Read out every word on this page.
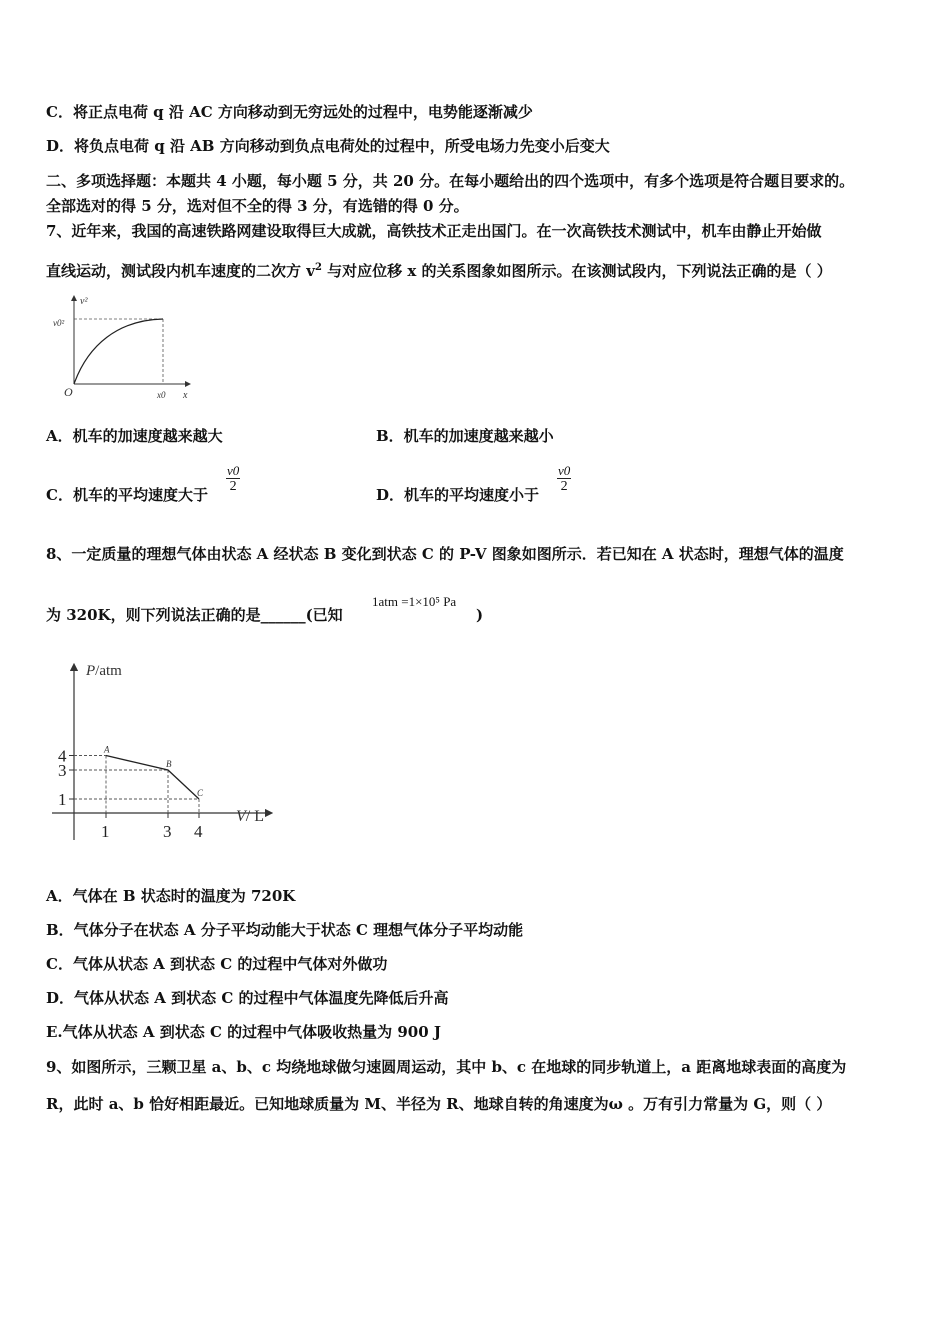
C．将正点电荷 q 沿 AC 方向移动到无穷远处的过程中，电势能逐渐减少
D．将负点电荷 q 沿 AB 方向移动到负点电荷处的过程中，所受电场力先变小后变大
二、多项选择题：本题共 4 小题，每小题 5 分，共 20 分。在每小题给出的四个选项中，有多个选项是符合题目要求的。
全部选对的得 5 分，选对但不全的得 3 分，有选错的得 0 分。
7、近年来，我国的高速铁路网建设取得巨大成就，高铁技术正走出国门。在一次高铁技术测试中，机车由静止开始做
直线运动，测试段内机车速度的二次方 $v^2$ 与对应位移 x 的关系图象如图所示。在该测试段内，下列说法正确的是（ ）
v²
v0²
x0 x
O
A．机车的加速度越来越大	B．机车的加速度越来越小
C．机车的平均速度大于 $\frac{v0}{2}$	D．机车的平均速度小于 $\frac{v0}{2}$
8、一定质量的理想气体由状态 A 经状态 B 变化到状态 C 的 P-V 图象如图所示．若已知在 A 状态时，理想气体的温度
为 320K，则下列说法正确的是______(已知
1atm =1×10⁵ Pa
)
P/atm
V/ L
A
B
C
4
3
1
1	3 4
A．气体在 B 状态时的温度为 720K
B．气体分子在状态 A 分子平均动能大于状态 C 理想气体分子平均动能
C．气体从状态 A 到状态 C 的过程中气体对外做功
D．气体从状态 A 到状态 C 的过程中气体温度先降低后升高
E.气体从状态 A 到状态 C 的过程中气体吸收热量为 900 J
9、如图所示，三颗卫星 a、b、c 均绕地球做匀速圆周运动，其中 b、c 在地球的同步轨道上，a 距离地球表面的高度为
R，此时 a、b 恰好相距最近。已知地球质量为 M、半径为 R、地球自转的角速度为ω 。万有引力常量为 G，则（ ）
